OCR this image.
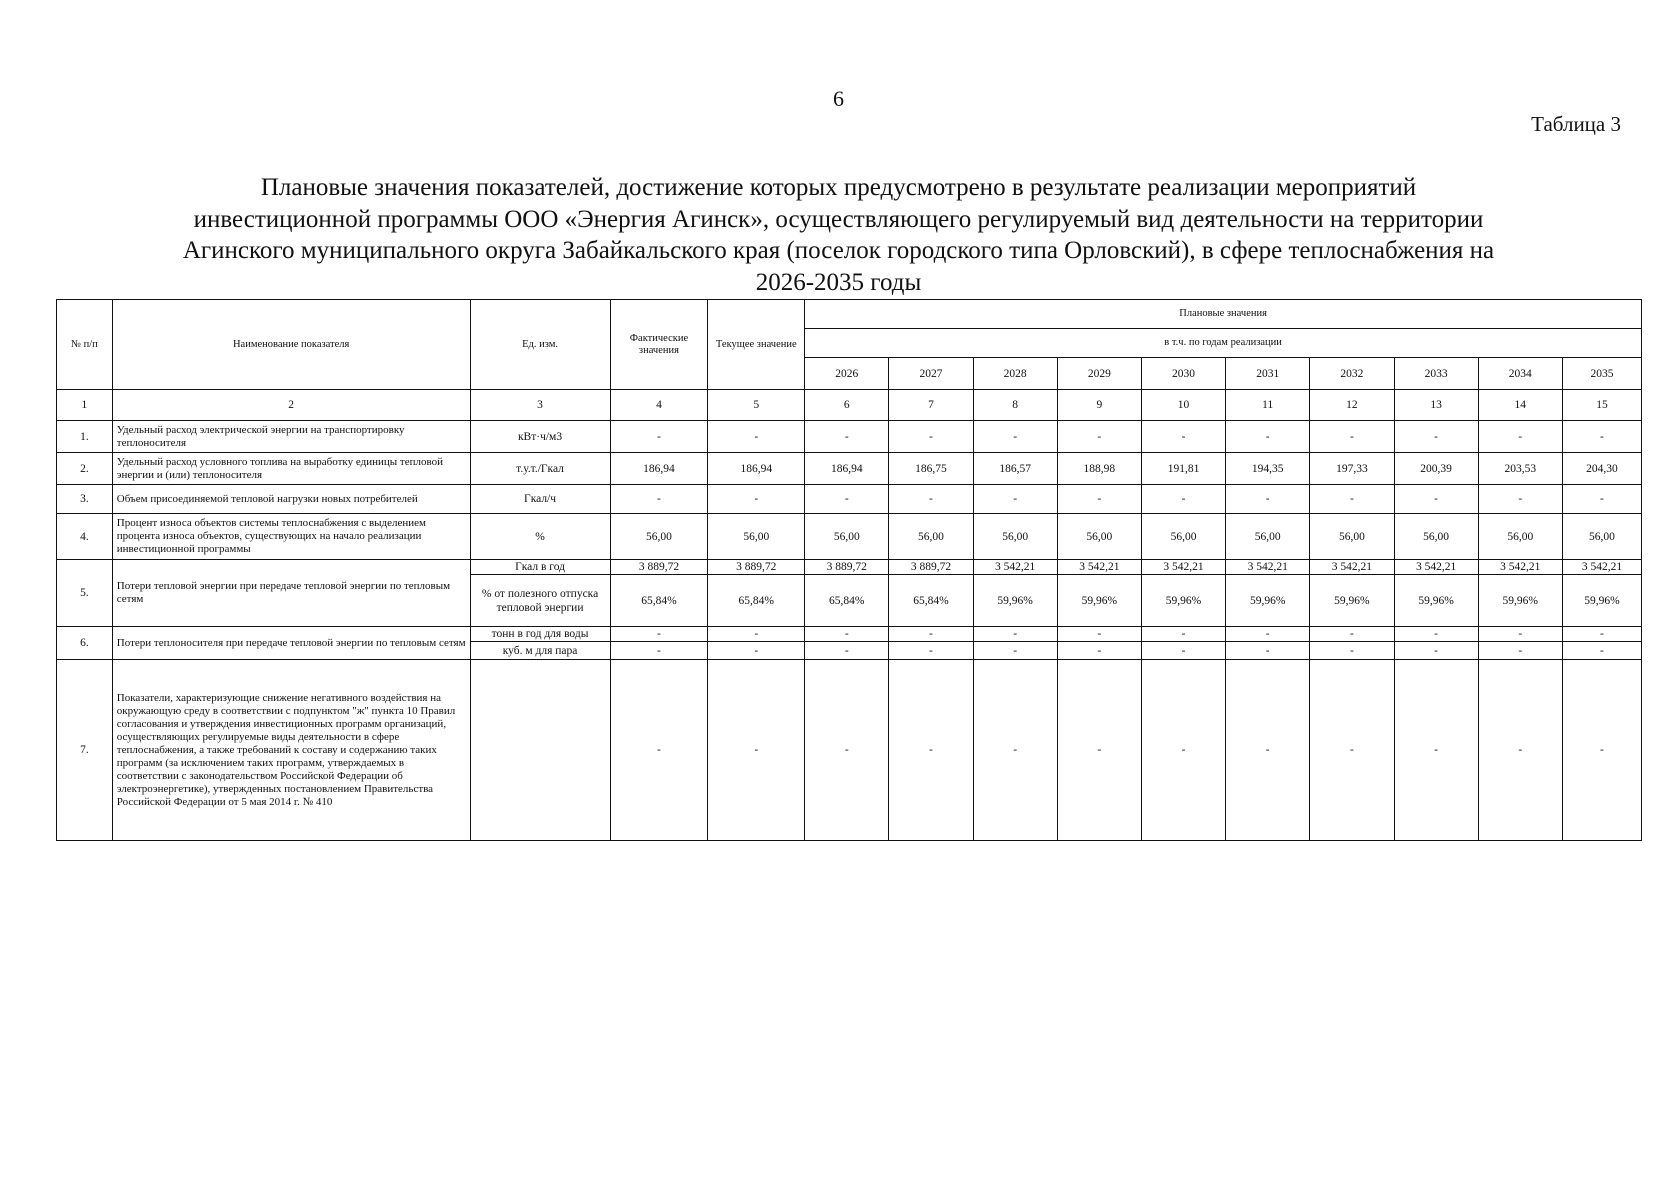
6
Таблица 3
Плановые значения показателей, достижение которых предусмотрено в результате реализации мероприятий
инвестиционной программы ООО «Энергия Агинск», осуществляющего регулируемый вид деятельности на территории
Агинского муниципального округа Забайкальского края (поселок городского типа Орловский), в сфере теплоснабжения на
2026-2035 годы
№ п/п	Наименование показателя	Ед. изм.	Фактические значения	Текущее значение	Плановые значения									
					в т.ч. по годам реализации									
					2026	2027	2028	2029	2030	2031	2032	2033	2034	2035
1	2	3	4	5	6	7	8	9	10	11	12	13	14	15
1.	Удельный расход электрической энергии на транспортировку теплоносителя	кВт·ч/м3	-	-	-	-	-	-	-	-	-	-	-	-
2.	Удельный расход условного топлива на выработку единицы тепловой энергии и (или) теплоносителя	т.у.т./Гкал	186,94	186,94	186,94	186,75	186,57	188,98	191,81	194,35	197,33	200,39	203,53	204,30
3.	Объем присоединяемой тепловой нагрузки новых потребителей	Гкал/ч	-	-	-	-	-	-	-	-	-	-	-	-
4.	Процент износа объектов системы теплоснабжения с выделением процента износа объектов, существующих на начало реализации инвестиционной программы	%	56,00	56,00	56,00	56,00	56,00	56,00	56,00	56,00	56,00	56,00	56,00	56,00
5.	Потери тепловой энергии при передаче тепловой энергии по тепловым сетям	Гкал в год	3 889,72	3 889,72	3 889,72	3 889,72	3 542,21	3 542,21	3 542,21	3 542,21	3 542,21	3 542,21	3 542,21	3 542,21
		% от полезного отпуска тепловой энергии	65,84%	65,84%	65,84%	65,84%	59,96%	59,96%	59,96%	59,96%	59,96%	59,96%	59,96%	59,96%
6.	Потери теплоносителя при передаче тепловой энергии по тепловым сетям	тонн в год для воды	-	-	-	-	-	-	-	-	-	-	-	-
		куб. м для пара	-	-	-	-	-	-	-	-	-	-	-	-
7.	Показатели, характеризующие снижение негативного воздействия на окружающую среду в соответствии с подпунктом "ж" пункта 10 Правил согласования и утверждения инвестиционных программ организаций, осуществляющих регулируемые виды деятельности в сфере теплоснабжения, а также требований к составу и содержанию таких программ (за исключением таких программ, утверждаемых в соответствии с законодательством Российской Федерации об электроэнергетике), утвержденных постановлением Правительства Российской Федерации от 5 мая 2014 г. № 410		-	-	-	-	-	-	-	-	-	-	-	-
